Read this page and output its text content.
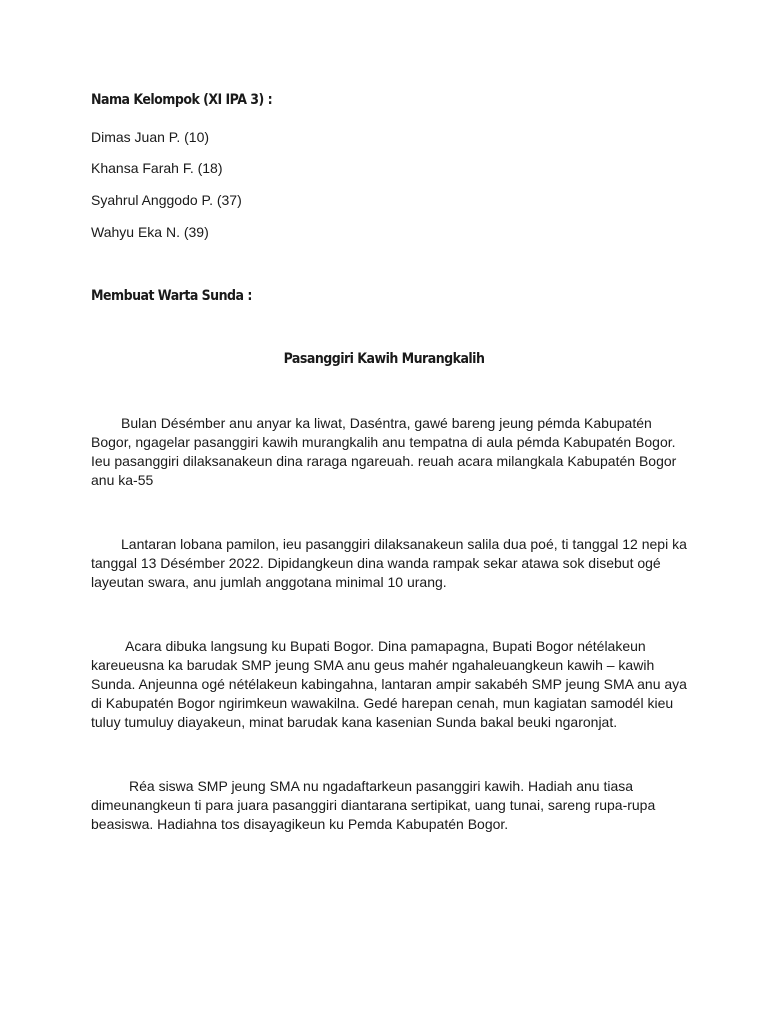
Nama Kelompok (XI IPA 3) :
Dimas Juan P. (10)
Khansa Farah F. (18)
Syahrul Anggodo P. (37)
Wahyu Eka N. (39)
Membuat Warta Sunda :
Pasanggiri Kawih Murangkalih

Bulan Désémber anu anyar ka liwat, Daséntra, gawé bareng jeung pémda Kabupatén Bogor, ngagelar pasanggiri kawih murangkalih anu tempatna di aula pémda Kabupatén Bogor. Ieu pasanggiri dilaksanakeun dina raraga ngareuah. reuah acara milangkala Kabupatén Bogor anu ka-55

Lantaran lobana pamilon, ieu pasanggiri dilaksanakeun salila dua poé, ti tanggal 12 nepi ka tanggal 13 Désémber 2022. Dipidangkeun dina wanda rampak sekar atawa sok disebut ogé layeutan swara, anu jumlah anggotana minimal 10 urang.

Acara dibuka langsung ku Bupati Bogor. Dina pamapagna, Bupati Bogor nétélakeun kareueusna ka barudak SMP jeung SMA anu geus mahér ngahaleuangkeun kawih – kawih Sunda. Anjeunna ogé nétélakeun kabingahna, lantaran ampir sakabéh SMP jeung SMA anu aya di Kabupatén Bogor ngirimkeun wawakilna. Gedé harepan cenah, mun kagiatan samodél kieu tuluy tumuluy diayakeun, minat barudak kana kasenian Sunda bakal beuki ngaronjat.

Réa siswa SMP jeung SMA nu ngadaftarkeun pasanggiri kawih. Hadiah anu tiasa dimeunangkeun ti para juara pasanggiri diantarana sertipikat, uang tunai, sareng rupa-rupa beasiswa. Hadiahna tos disayagikeun ku Pemda Kabupatén Bogor.
